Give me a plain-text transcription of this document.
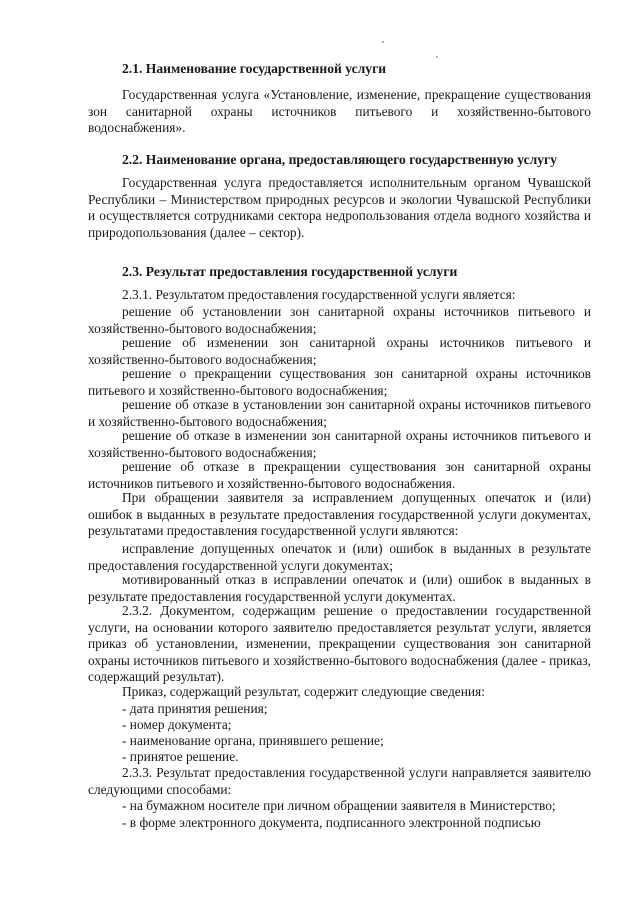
2.1. Наименование государственной услуги
Государственная услуга «Установление, изменение, прекращение существования зон санитарной охраны источников питьевого и хозяйственно-бытового водоснабжения».
2.2. Наименование органа, предоставляющего государственную услугу
Государственная услуга предоставляется исполнительным органом Чувашской Республики – Министерством природных ресурсов и экологии Чувашской Республики и осуществляется сотрудниками сектора недропользования отдела водного хозяйства и природопользования (далее – сектор).
2.3. Результат предоставления государственной услуги
2.3.1. Результатом предоставления государственной услуги является:
решение об установлении зон санитарной охраны источников питьевого и хозяйственно-бытового водоснабжения;
решение об изменении зон санитарной охраны источников питьевого и хозяйственно-бытового водоснабжения;
решение о прекращении существования зон санитарной охраны источников питьевого и хозяйственно-бытового водоснабжения;
решение об отказе в установлении зон санитарной охраны источников питьевого и хозяйственно-бытового водоснабжения;
решение об отказе в изменении зон санитарной охраны источников питьевого и хозяйственно-бытового водоснабжения;
решение об отказе в прекращении существования зон санитарной охраны источников питьевого и хозяйственно-бытового водоснабжения.
При обращении заявителя за исправлением допущенных опечаток и (или) ошибок в выданных в результате предоставления государственной услуги документах, результатами предоставления государственной услуги являются:
исправление допущенных опечаток и (или) ошибок в выданных в результате предоставления государственной услуги документах;
мотивированный отказ в исправлении опечаток и (или) ошибок в выданных в результате предоставления государственной услуги документах.
2.3.2. Документом, содержащим решение о предоставлении государственной услуги, на основании которого заявителю предоставляется результат услуги, является приказ об установлении, изменении, прекращении существования зон санитарной охраны источников питьевого и хозяйственно-бытового водоснабжения (далее - приказ, содержащий результат).
Приказ, содержащий результат, содержит следующие сведения:
- дата принятия решения;
- номер документа;
- наименование органа, принявшего решение;
- принятое решение.
2.3.3. Результат предоставления государственной услуги направляется заявителю следующими способами:
- на бумажном носителе при личном обращении заявителя в Министерство;
- в форме электронного документа, подписанного электронной подписью
